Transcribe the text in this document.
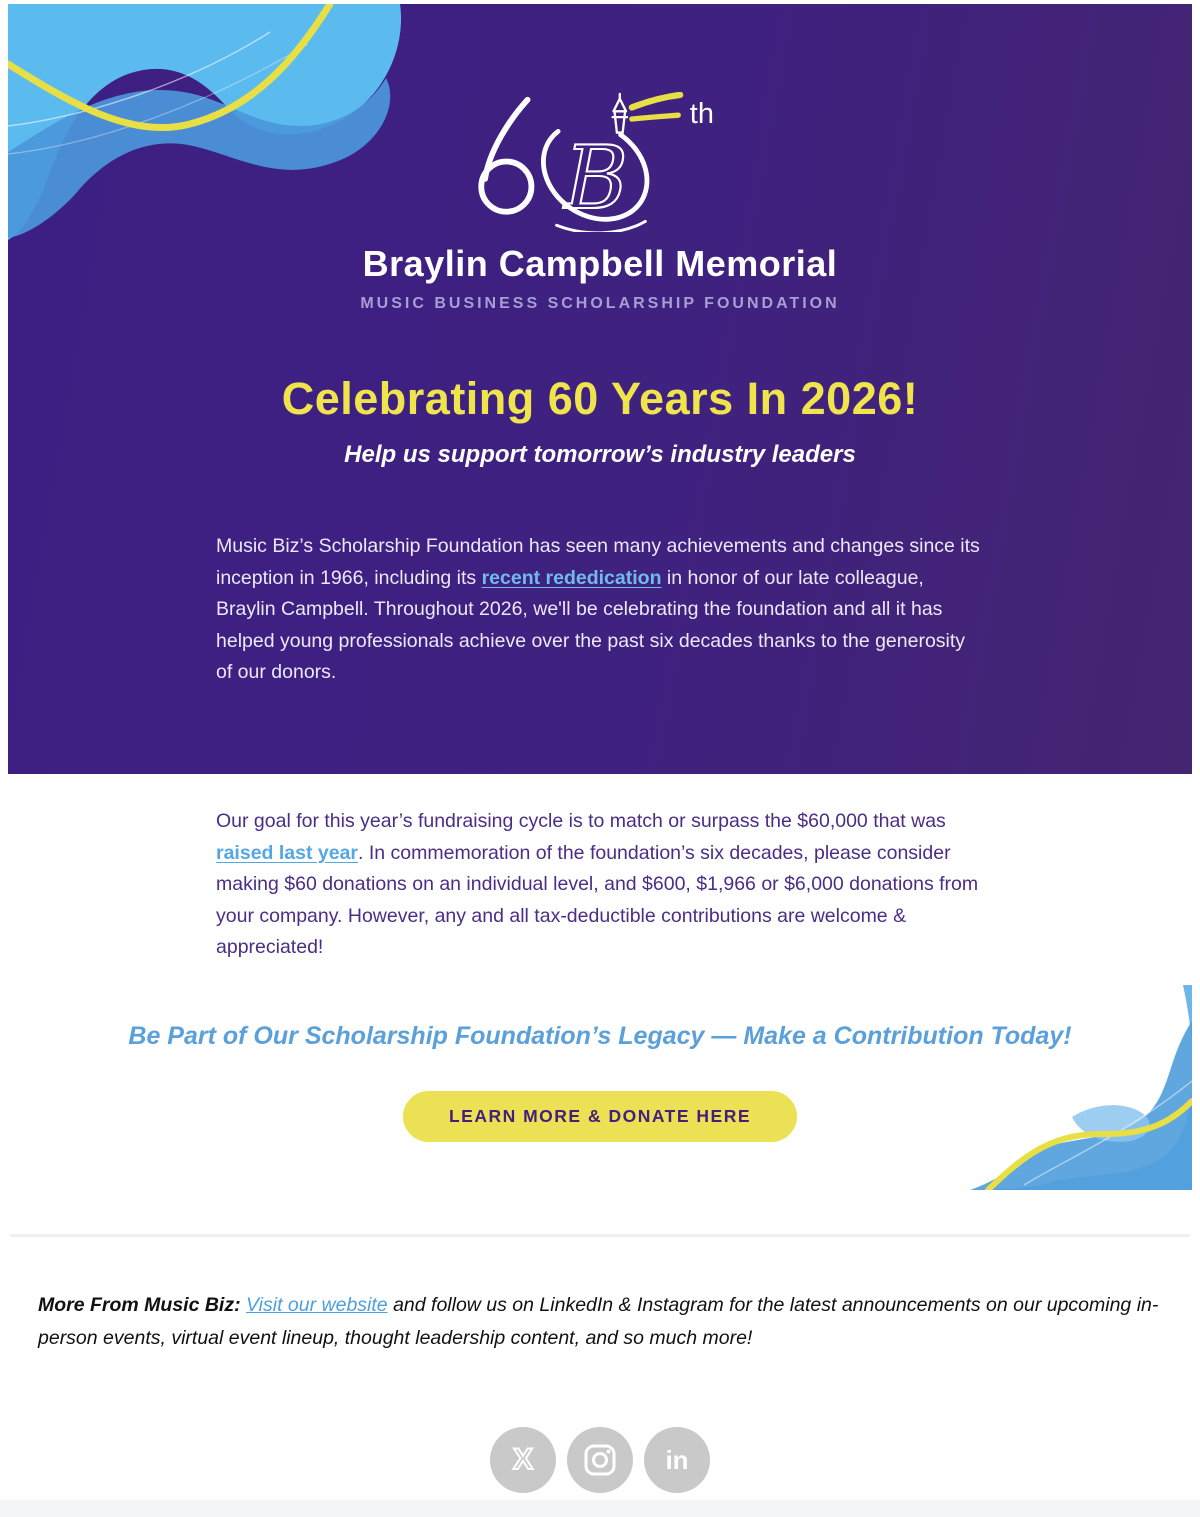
B
th
Braylin Campbell Memorial
MUSIC BUSINESS SCHOLARSHIP FOUNDATION
Celebrating 60 Years In 2026!
Help us support tomorrow’s industry leaders

Music Biz’s Scholarship Foundation has seen many achievements and changes since its inception in 1966, including its recent rededication in honor of our late colleague, Braylin Campbell. Throughout 2026, we'll be celebrating the foundation and all it has helped young professionals achieve over the past six decades thanks to the generosity of our donors.

Our goal for this year’s fundraising cycle is to match or surpass the $60,000 that was raised last year. In commemoration of the foundation’s six decades, please consider making $60 donations on an individual level, and $600, $1,966 or $6,000 donations from your company. However, any and all tax-deductible contributions are welcome & appreciated!

Be Part of Our Scholarship Foundation’s Legacy — Make a Contribution Today!
LEARN MORE & DONATE HERE

More From Music Biz: Visit our website and follow us on LinkedIn & Instagram for the latest announcements on our upcoming in-person events, virtual event lineup, thought leadership content, and so much more!

X	in
